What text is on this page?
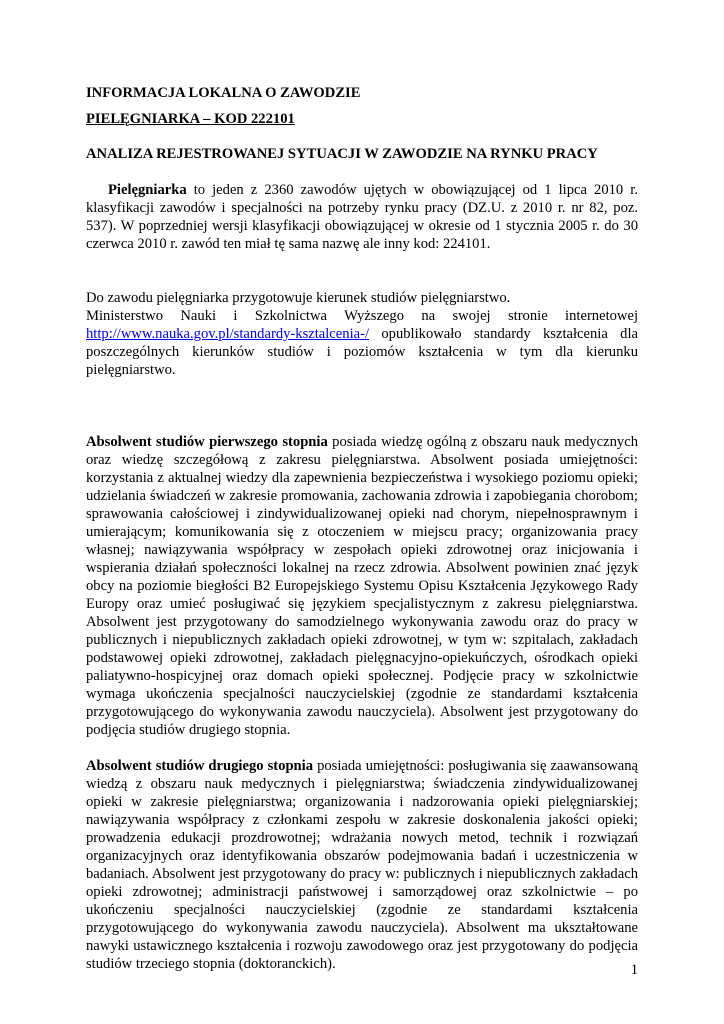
INFORMACJA LOKALNA O ZAWODZIE
PIELĘGNIARKA – KOD 222101
ANALIZA REJESTROWANEJ SYTUACJI W ZAWODZIE NA RYNKU PRACY

Pielęgniarka to jeden z 2360 zawodów ujętych w obowiązującej od 1 lipca 2010 r. klasyfikacji zawodów i specjalności na potrzeby rynku pracy (DZ.U. z 2010 r. nr 82, poz. 537). W poprzedniej wersji klasyfikacji obowiązującej w okresie od 1 stycznia 2005 r. do 30 czerwca 2010 r. zawód ten miał tę sama nazwę ale inny kod: 224101.

Do zawodu pielęgniarka przygotowuje kierunek studiów pielęgniarstwo.

Ministerstwo Nauki i Szkolnictwa Wyższego na swojej stronie internetowej http://www.nauka.gov.pl/standardy-ksztalcenia-/ opublikowało standardy kształcenia dla poszczególnych kierunków studiów i poziomów kształcenia w tym dla kierunku pielęgniarstwo.

Absolwent studiów pierwszego stopnia posiada wiedzę ogólną z obszaru nauk medycznych oraz wiedzę szczegółową z zakresu pielęgniarstwa. Absolwent posiada umiejętności: korzystania z aktualnej wiedzy dla zapewnienia bezpieczeństwa i wysokiego poziomu opieki; udzielania świadczeń w zakresie promowania, zachowania zdrowia i zapobiegania chorobom; sprawowania całościowej i zindywidualizowanej opieki nad chorym, niepełnosprawnym i umierającym; komunikowania się z otoczeniem w miejscu pracy; organizowania pracy własnej; nawiązywania współpracy w zespołach opieki zdrowotnej oraz inicjowania i wspierania działań społeczności lokalnej na rzecz zdrowia. Absolwent powinien znać język obcy na poziomie biegłości B2 Europejskiego Systemu Opisu Kształcenia Językowego Rady Europy oraz umieć posługiwać się językiem specjalistycznym z zakresu pielęgniarstwa. Absolwent jest przygotowany do samodzielnego wykonywania zawodu oraz do pracy w publicznych i niepublicznych zakładach opieki zdrowotnej, w tym w: szpitalach, zakładach podstawowej opieki zdrowotnej, zakładach pielęgnacyjno-opiekuńczych, ośrodkach opieki paliatywno-hospicyjnej oraz domach opieki społecznej. Podjęcie pracy w szkolnictwie wymaga ukończenia specjalności nauczycielskiej (zgodnie ze standardami kształcenia przygotowującego do wykonywania zawodu nauczyciela). Absolwent jest przygotowany do podjęcia studiów drugiego stopnia.

Absolwent studiów drugiego stopnia posiada umiejętności: posługiwania się zaawansowaną wiedzą z obszaru nauk medycznych i pielęgniarstwa; świadczenia zindywidualizowanej opieki w zakresie pielęgniarstwa; organizowania i nadzorowania opieki pielęgniarskiej; nawiązywania współpracy z członkami zespołu w zakresie doskonalenia jakości opieki; prowadzenia edukacji prozdrowotnej; wdrażania nowych metod, technik i rozwiązań organizacyjnych oraz identyfikowania obszarów podejmowania badań i uczestniczenia w badaniach. Absolwent jest przygotowany do pracy w: publicznych i niepublicznych zakładach opieki zdrowotnej; administracji państwowej i samorządowej oraz szkolnictwie – po ukończeniu specjalności nauczycielskiej (zgodnie ze standardami kształcenia przygotowującego do wykonywania zawodu nauczyciela). Absolwent ma ukształtowane nawyki ustawicznego kształcenia i rozwoju zawodowego oraz jest przygotowany do podjęcia studiów trzeciego stopnia (doktoranckich).	1
